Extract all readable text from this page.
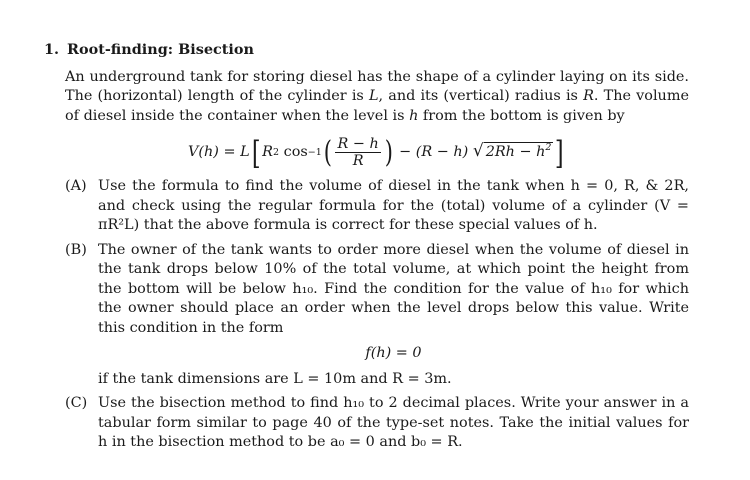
1. Root-finding: Bisection

An underground tank for storing diesel has the shape of a cylinder laying on its side. The (horizontal) length of the cylinder is L, and its (vertical) radius is R. The volume of diesel inside the container when the level is h from the bottom is given by

V(h) = L [ R 2
cos −1 ( $\frac{R - h}{R}$ )
− (R − h)
√ $2Rh - h^2$ ]
(A) Use the formula to find the volume of diesel in the tank when h = 0, R, & 2R, and check using the regular formula for the (total) volume of a cylinder (V = πR²L) that the above formula is correct for these special values of h.

(B) The owner of the tank wants to order more diesel when the volume of diesel in the tank drops below 10% of the total volume, at which point the height from the bottom will be below h₁₀. Find the condition for the value of h₁₀ for which the owner should place an order when the level drops below this value. Write this condition in the form

f(h) = 0

if the tank dimensions are L = 10m and R = 3m.

(C) Use the bisection method to find h₁₀ to 2 decimal places. Write your answer in a tabular form similar to page 40 of the type-set notes. Take the initial values for h in the bisection method to be a₀ = 0 and b₀ = R.
